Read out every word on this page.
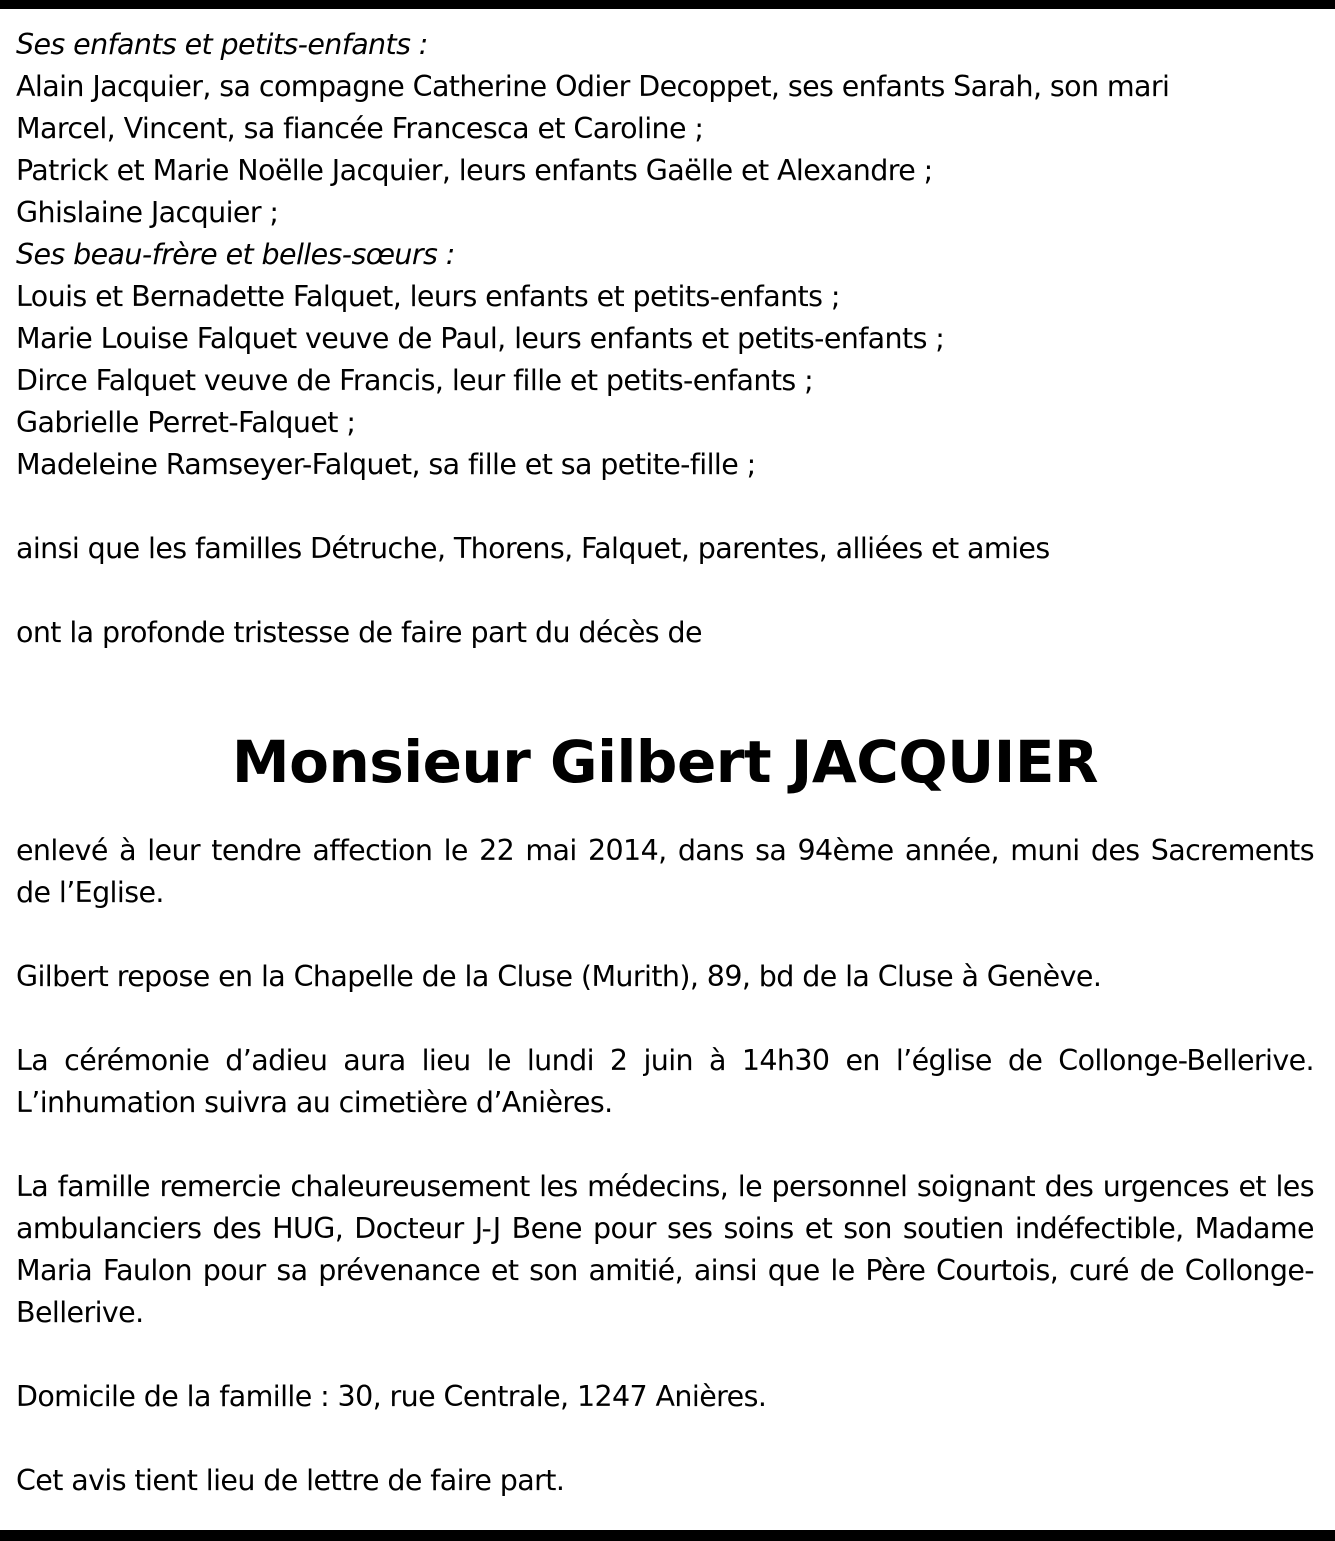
Ses enfants et petits-enfants :
Alain Jacquier, sa compagne Catherine Odier Decoppet, ses enfants Sarah, son mari
Marcel, Vincent, sa fiancée Francesca et Caroline ;
Patrick et Marie Noëlle Jacquier, leurs enfants Gaëlle et Alexandre ;
Ghislaine Jacquier ;
Ses beau-frère et belles-sœurs :
Louis et Bernadette Falquet, leurs enfants et petits-enfants ;
Marie Louise Falquet veuve de Paul, leurs enfants et petits-enfants ;
Dirce Falquet veuve de Francis, leur fille et petits-enfants ;
Gabrielle Perret-Falquet ;
Madeleine Ramseyer-Falquet, sa fille et sa petite-fille ;
ainsi que les familles Détruche, Thorens, Falquet, parentes, alliées et amies
ont la profonde tristesse de faire part du décès de
Monsieur Gilbert JACQUIER

enlevé à leur tendre affection le 22 mai 2014, dans sa 94ème année, muni des Sacrements de l’Eglise.

Gilbert repose en la Chapelle de la Cluse (Murith), 89, bd de la Cluse à Genève.

La cérémonie d’adieu aura lieu le lundi 2 juin à 14h30 en l’église de Collonge-Bellerive. L’inhumation suivra au cimetière d’Anières.

La famille remercie chaleureusement les médecins, le personnel soignant des urgences et les ambulanciers des HUG, Docteur J-J Bene pour ses soins et son soutien indéfectible, Madame Maria Faulon pour sa prévenance et son amitié, ainsi que le Père Courtois, curé de Collonge-Bellerive.

Domicile de la famille : 30, rue Centrale, 1247 Anières.

Cet avis tient lieu de lettre de faire part.
